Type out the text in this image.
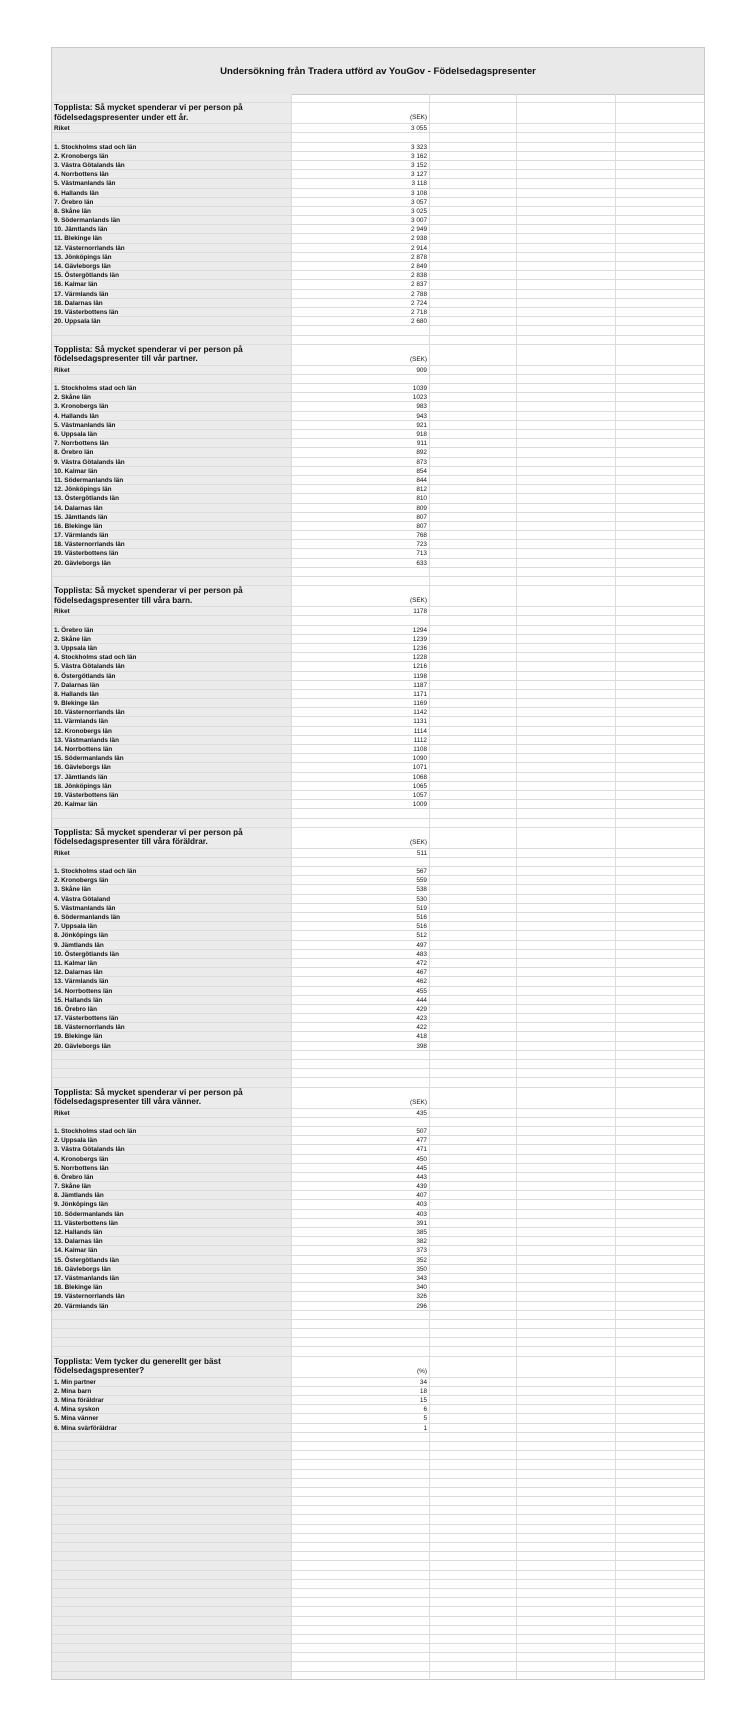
Undersökning från Tradera utförd av YouGov - Födelsedagspresenter
Topplista: Så mycket spenderar vi per person på födelsedagspresenter under ett år.	(SEK)
Riket	3 055
1. Stockholms stad och län	3 323
2. Kronobergs län	3 162
3. Västra Götalands län	3 152
4. Norrbottens län	3 127
5. Västmanlands län	3 118
6. Hallands län	3 108
7. Örebro län	3 057
8. Skåne län	3 025
9. Södermanlands län	3 007
10. Jämtlands län	2 949
11. Blekinge län	2 938
12. Västernorrlands län	2 914
13. Jönköpings län	2 878
14. Gävleborgs län	2 849
15. Östergötlands län	2 838
16. Kalmar län	2 837
17. Värmlands län	2 788
18. Dalarnas län	2 724
19. Västerbottens län	2 718
20. Uppsala län	2 680
Topplista: Så mycket spenderar vi per person på födelsedagspresenter till vår partner.	(SEK)
Riket	909
1. Stockholms stad och län	1039
2. Skåne län	1023
3. Kronobergs län	983
4. Hallands län	943
5. Västmanlands län	921
6. Uppsala län	918
7. Norrbottens län	911
8. Örebro län	892
9. Västra Götalands län	873
10. Kalmar län	854
11. Södermanlands län	844
12. Jönköpings län	812
13. Östergötlands län	810
14. Dalarnas län	809
15. Jämtlands län	807
16. Blekinge län	807
17. Värmlands län	768
18. Västernorrlands län	723
19. Västerbottens län	713
20. Gävleborgs län	633
Topplista: Så mycket spenderar vi per person på födelsedagspresenter till våra barn.	(SEK)
Riket	1178
1. Örebro län	1294
2. Skåne län	1239
3. Uppsala län	1236
4. Stockholms stad och län	1228
5. Västra Götalands län	1216
6. Östergötlands län	1198
7. Dalarnas län	1187
8. Hallands län	1171
9. Blekinge län	1169
10. Västernorrlands län	1142
11. Värmlands län	1131
12. Kronobergs län	1114
13. Västmanlands län	1112
14. Norrbottens län	1108
15. Södermanlands län	1090
16. Gävleborgs län	1071
17. Jämtlands län	1068
18. Jönköpings län	1065
19. Västerbottens län	1057
20. Kalmar län	1009
Topplista: Så mycket spenderar vi per person på födelsedagspresenter till våra föräldrar.	(SEK)
Riket	511
1. Stockholms stad och län	567
2. Kronobergs län	559
3. Skåne län	538
4. Västra Götaland	530
5. Västmanlands län	519
6. Södermanlands län	516
7. Uppsala län	516
8. Jönköpings län	512
9. Jämtlands län	497
10. Östergötlands län	483
11. Kalmar län	472
12. Dalarnas län	467
13. Värmlands län	462
14. Norrbottens län	455
15. Hallands län	444
16. Örebro län	429
17. Västerbottens län	423
18. Västernorrlands län	422
19. Blekinge län	418
20. Gävleborgs län	398
Topplista: Så mycket spenderar vi per person på födelsedagspresenter till våra vänner.	(SEK)
Riket	435
1. Stockholms stad och län	507
2. Uppsala län	477
3. Västra Götalands län	471
4. Kronobergs län	450
5. Norrbottens län	445
6. Örebro län	443
7. Skåne län	439
8. Jämtlands län	407
9. Jönköpings län	403
10. Södermanlands län	403
11. Västerbottens län	391
12. Hallands län	385
13. Dalarnas län	382
14. Kalmar län	373
15. Östergötlands län	352
16. Gävleborgs län	350
17. Västmanlands län	343
18. Blekinge län	340
19. Västernorrlands län	326
20. Värmlands län	296
Topplista: Vem tycker du generellt ger bäst födelsedagspresenter?	(%)
1. Min partner	34
2. Mina barn	18
3. Mina föräldrar	15
4. Mina syskon	6
5. Mina vänner	5
6. Mina svärföräldrar	1
